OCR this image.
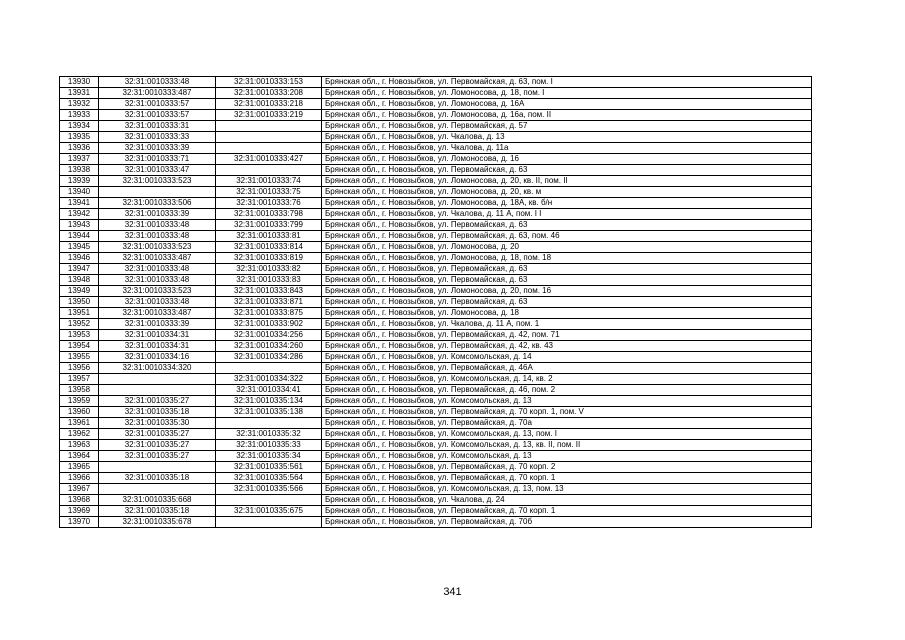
13930	32:31:0010333:48	32:31:0010333:153	Брянская обл., г. Новозыбков, ул. Первомайская, д. 63, пом. I
13931	32:31:0010333:487	32:31:0010333:208	Брянская обл., г. Новозыбков, ул. Ломоносова, д. 18, пом. I
13932	32:31:0010333:57	32:31:0010333:218	Брянская обл., г. Новозыбков, ул. Ломоносова, д. 16А
13933	32:31:0010333:57	32:31:0010333:219	Брянская обл., г. Новозыбков, ул. Ломоносова, д. 16а, пом. II
13934	32:31:0010333:31		Брянская обл., г. Новозыбков, ул. Первомайская, д. 57
13935	32:31:0010333:33		Брянская обл., г. Новозыбков, ул. Чкалова, д. 13
13936	32:31:0010333:39		Брянская обл., г. Новозыбков, ул. Чкалова, д. 11а
13937	32:31:0010333:71	32:31:0010333:427	Брянская обл., г. Новозыбков, ул. Ломоносова, д. 16
13938	32:31:0010333:47		Брянская обл., г. Новозыбков, ул. Первомайская, д. 63
13939	32:31:0010333:523	32:31:0010333:74	Брянская обл., г. Новозыбков, ул. Ломоносова, д. 20, кв. II, пом. II
13940		32:31:0010333:75	Брянская обл., г. Новозыбков, ул. Ломоносова, д. 20, кв. м
13941	32:31:0010333:506	32:31:0010333:76	Брянская обл., г. Новозыбков, ул. Ломоносова, д. 18А, кв. б/н
13942	32:31:0010333:39	32:31:0010333:798	Брянская обл., г. Новозыбков, ул. Чкалова, д. 11 А, пом. I I
13943	32:31:0010333:48	32:31:0010333:799	Брянская обл., г. Новозыбков, ул. Первомайская, д. 63
13944	32:31:0010333:48	32:31:0010333:81	Брянская обл., г. Новозыбков, ул. Первомайская, д. 63, пом. 46
13945	32:31:0010333:523	32:31:0010333:814	Брянская обл., г. Новозыбков, ул. Ломоносова, д. 20
13946	32:31:0010333:487	32:31:0010333:819	Брянская обл., г. Новозыбков, ул. Ломоносова, д. 18, пом. 18
13947	32:31:0010333:48	32:31:0010333:82	Брянская обл., г. Новозыбков, ул. Первомайская, д. 63
13948	32:31:0010333:48	32:31:0010333:83	Брянская обл., г. Новозыбков, ул. Первомайская, д. 63
13949	32:31:0010333:523	32:31:0010333:843	Брянская обл., г. Новозыбков, ул. Ломоносова, д. 20, пом. 16
13950	32:31:0010333:48	32:31:0010333:871	Брянская обл., г. Новозыбков, ул. Первомайская, д. 63
13951	32:31:0010333:487	32:31:0010333:875	Брянская обл., г. Новозыбков, ул. Ломоносова, д. 18
13952	32:31:0010333:39	32:31:0010333:902	Брянская обл., г. Новозыбков, ул. Чкалова, д. 11 А, пом. 1
13953	32:31:0010334:31	32:31:0010334:256	Брянская обл., г. Новозыбков, ул. Первомайская, д. 42, пом. 71
13954	32:31:0010334:31	32:31:0010334:260	Брянская обл., г. Новозыбков, ул. Первомайская, д. 42, кв. 43
13955	32:31:0010334:16	32:31:0010334:286	Брянская обл., г. Новозыбков, ул. Комсомольская, д. 14
13956	32:31:0010334:320		Брянская обл., г. Новозыбков, ул. Первомайская, д. 46А
13957		32:31:0010334:322	Брянская обл., г. Новозыбков, ул. Комсомольская, д. 14, кв. 2
13958		32:31:0010334:41	Брянская обл., г. Новозыбков, ул. Первомайская, д. 46, пом. 2
13959	32:31:0010335:27	32:31:0010335:134	Брянская обл., г. Новозыбков, ул. Комсомольская, д. 13
13960	32:31:0010335:18	32:31:0010335:138	Брянская обл., г. Новозыбков, ул. Первомайская, д. 70 корп. 1, пом. V
13961	32:31:0010335:30		Брянская обл., г. Новозыбков, ул. Первомайская, д. 70а
13962	32:31:0010335:27	32:31:0010335:32	Брянская обл., г. Новозыбков, ул. Комсомольская, д. 13, пом. I
13963	32:31:0010335:27	32:31:0010335:33	Брянская обл., г. Новозыбков, ул. Комсомольская, д. 13, кв. II, пом. II
13964	32:31:0010335:27	32:31:0010335:34	Брянская обл., г. Новозыбков, ул. Комсомольская, д. 13
13965		32:31:0010335:561	Брянская обл., г. Новозыбков, ул. Первомайская, д. 70 корп. 2
13966	32:31:0010335:18	32:31:0010335:564	Брянская обл., г. Новозыбков, ул. Первомайская, д. 70 корп. 1
13967		32:31:0010335:566	Брянская обл., г. Новозыбков, ул. Комсомольская, д. 13, пом. 13
13968	32:31:0010335:668		Брянская обл., г. Новозыбков, ул. Чкалова, д. 24
13969	32:31:0010335:18	32:31:0010335:675	Брянская обл., г. Новозыбков, ул. Первомайская, д. 70 корп. 1
13970	32:31:0010335:678		Брянская обл., г. Новозыбков, ул. Первомайская, д. 70б
341
